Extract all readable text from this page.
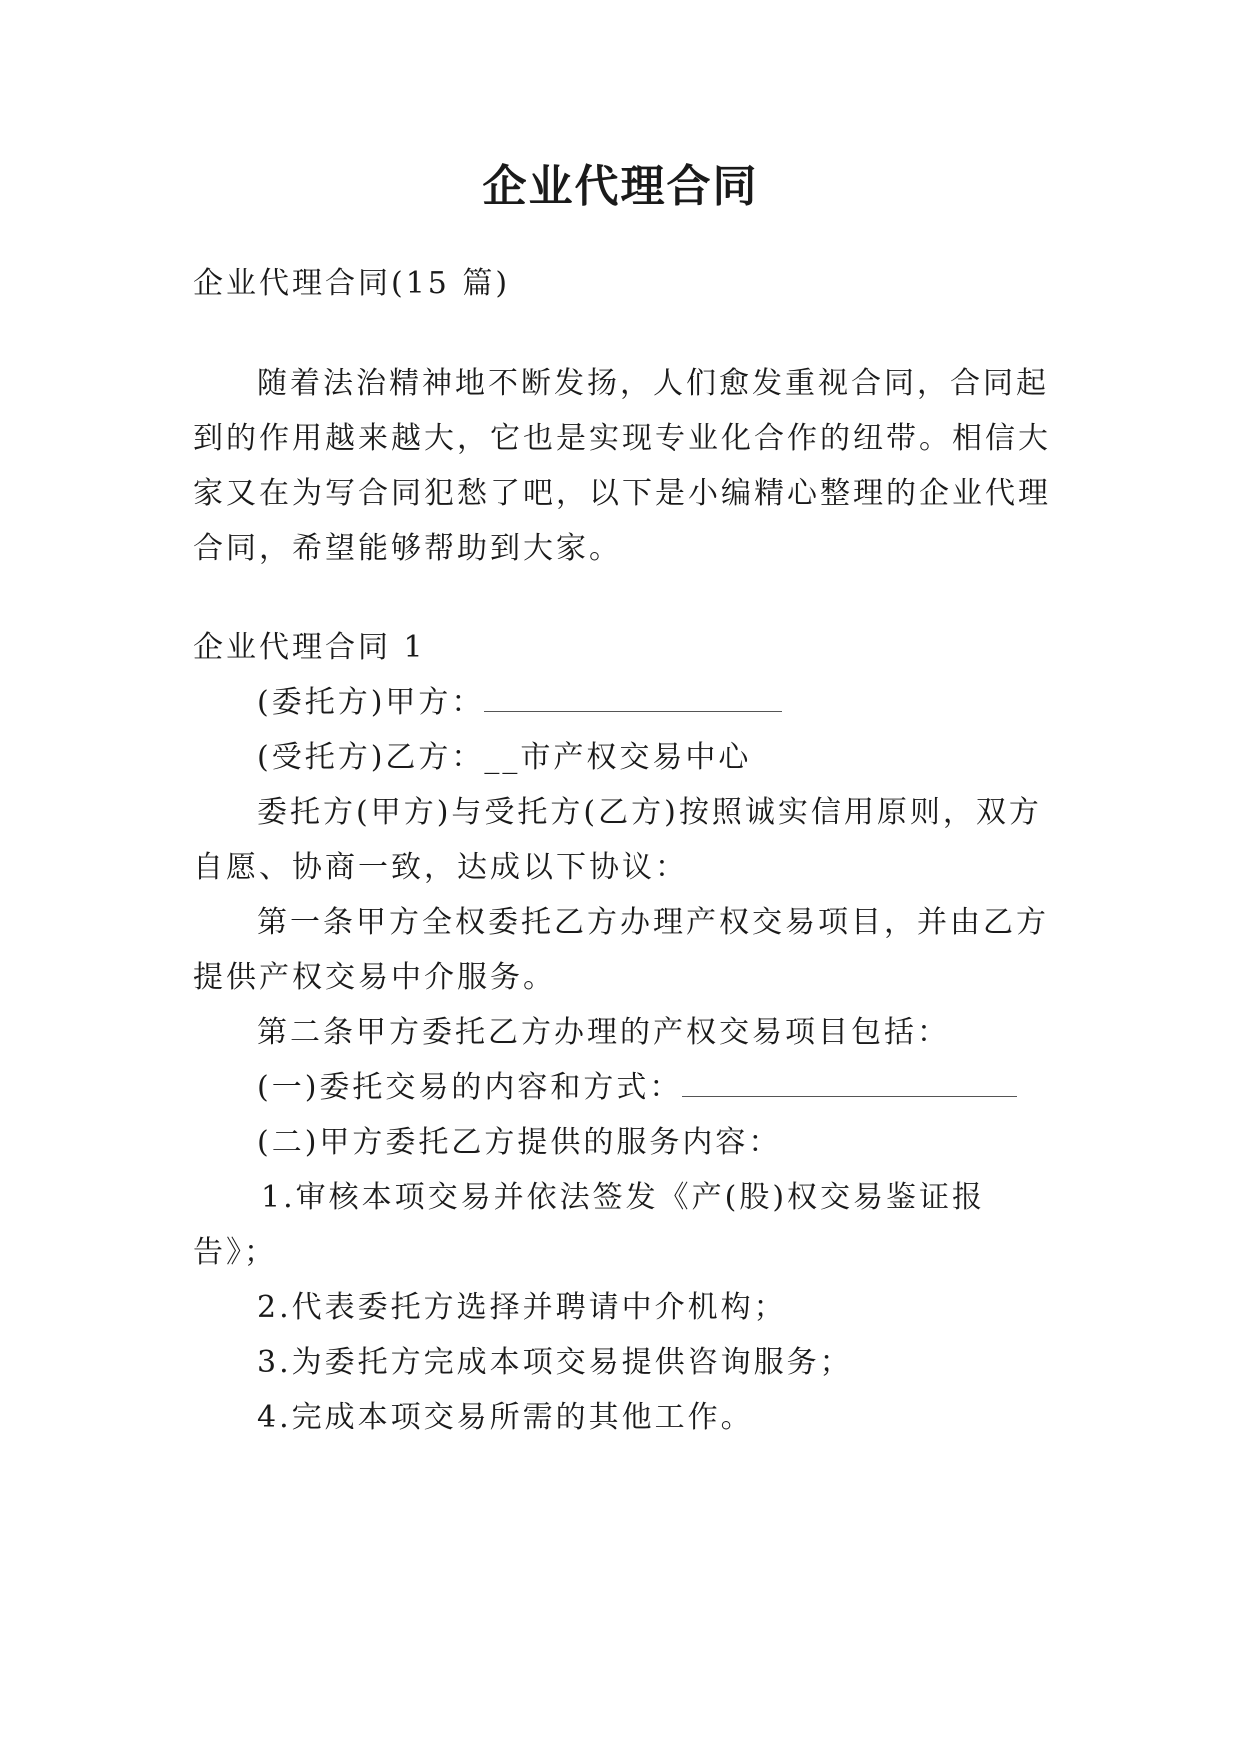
企业代理合同
企业代理合同(15 篇)
随着法治精神地不断发扬，人们愈发重视合同，合同起
到的作用越来越大，它也是实现专业化合作的纽带。相信大
家又在为写合同犯愁了吧，以下是小编精心整理的企业代理
合同，希望能够帮助到大家。
企业代理合同 1
(委托方)甲方：
(受托方)乙方：__市产权交易中心
委托方(甲方)与受托方(乙方)按照诚实信用原则，双方
自愿、协商一致，达成以下协议：
第一条甲方全权委托乙方办理产权交易项目，并由乙方
提供产权交易中介服务。
第二条甲方委托乙方办理的产权交易项目包括：
(一)委托交易的内容和方式：
(二)甲方委托乙方提供的服务内容：
1.审核本项交易并依法签发《产(股)权交易鉴证报
告》；
2.代表委托方选择并聘请中介机构；
3.为委托方完成本项交易提供咨询服务；
4.完成本项交易所需的其他工作。
